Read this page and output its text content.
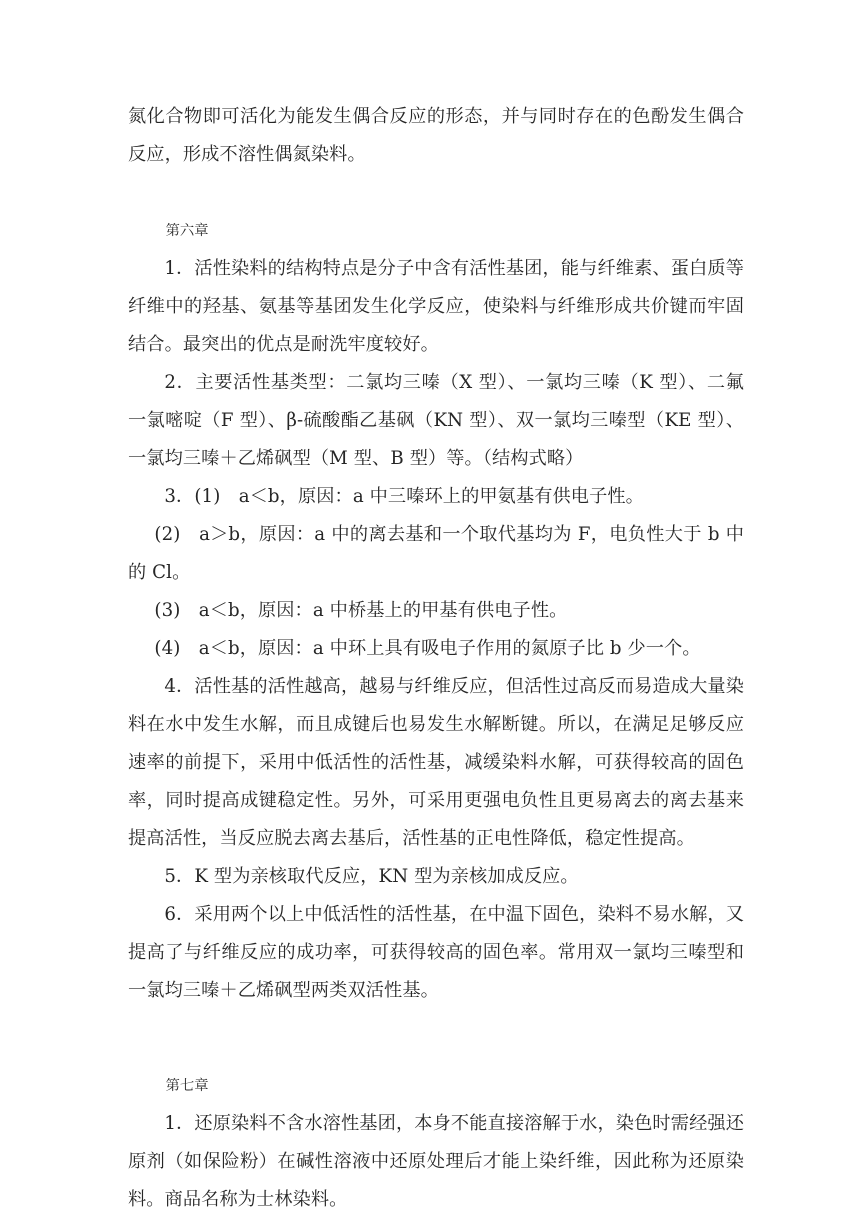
氮化合物即可活化为能发生偶合反应的形态，并与同时存在的色酚发生偶合反应，形成不溶性偶氮染料。

第六章

1．活性染料的结构特点是分子中含有活性基团，能与纤维素、蛋白质等纤维中的羟基、氨基等基团发生化学反应，使染料与纤维形成共价键而牢固结合。最突出的优点是耐洗牢度较好。

2．主要活性基类型：二氯均三嗪（X 型）、一氯均三嗪（K 型）、二氟一氯嘧啶（F 型）、β-硫酸酯乙基砜（KN 型）、双一氯均三嗪型（KE 型）、一氯均三嗪＋乙烯砜型（M 型、B 型）等。（结构式略）

3．(1)　a＜b，原因：a 中三嗪环上的甲氨基有供电子性。

(2)　a＞b，原因：a 中的离去基和一个取代基均为 F，电负性大于 b 中的 Cl。

(3)　a＜b，原因：a 中桥基上的甲基有供电子性。

(4)　a＜b，原因：a 中环上具有吸电子作用的氮原子比 b 少一个。

4．活性基的活性越高，越易与纤维反应，但活性过高反而易造成大量染料在水中发生水解，而且成键后也易发生水解断键。所以，在满足足够反应速率的前提下，采用中低活性的活性基，减缓染料水解，可获得较高的固色率，同时提高成键稳定性。另外，可采用更强电负性且更易离去的离去基来提高活性，当反应脱去离去基后，活性基的正电性降低，稳定性提高。

5．K 型为亲核取代反应，KN 型为亲核加成反应。

6．采用两个以上中低活性的活性基，在中温下固色，染料不易水解，又提高了与纤维反应的成功率，可获得较高的固色率。常用双一氯均三嗪型和一氯均三嗪＋乙烯砜型两类双活性基。

第七章

1．还原染料不含水溶性基团，本身不能直接溶解于水，染色时需经强还原剂（如保险粉）在碱性溶液中还原处理后才能上染纤维，因此称为还原染料。商品名称为士林染料。
